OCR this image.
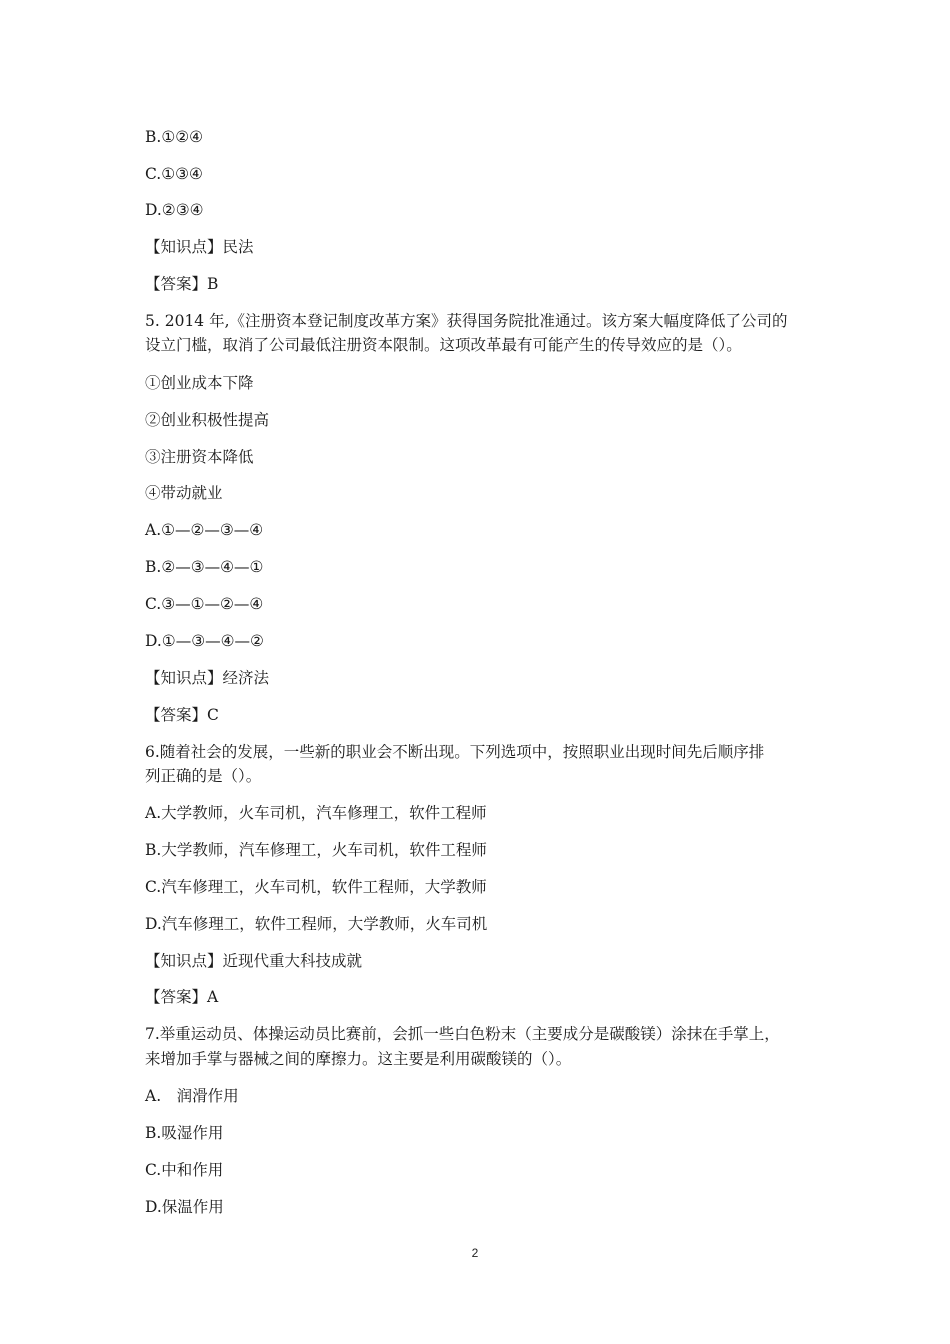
B.①②④
C.①③④
D.②③④
【知识点】民法
【答案】B
5. 2014 年,《注册资本登记制度改革方案》获得国务院批准通过。该方案大幅度降低了公司的
设立门槛，取消了公司最低注册资本限制。这项改革最有可能产生的传导效应的是（）。
①创业成本下降
②创业积极性提高
③注册资本降低
④带动就业
A.①—②—③—④
B.②—③—④—①
C.③—①—②—④
D.①—③—④—②
【知识点】经济法
【答案】C
6.随着社会的发展，一些新的职业会不断出现。下列选项中，按照职业出现时间先后顺序排
列正确的是（）。
A.大学教师，火车司机，汽车修理工，软件工程师
B.大学教师，汽车修理工，火车司机，软件工程师
C.汽车修理工，火车司机，软件工程师，大学教师
D.汽车修理工，软件工程师，大学教师，火车司机
【知识点】近现代重大科技成就
【答案】A
7.举重运动员、体操运动员比赛前，会抓一些白色粉末（主要成分是碳酸镁）涂抹在手掌上，
来增加手掌与器械之间的摩擦力。这主要是利用碳酸镁的（）。
A.　润滑作用
B.吸湿作用
C.中和作用
D.保温作用
2
